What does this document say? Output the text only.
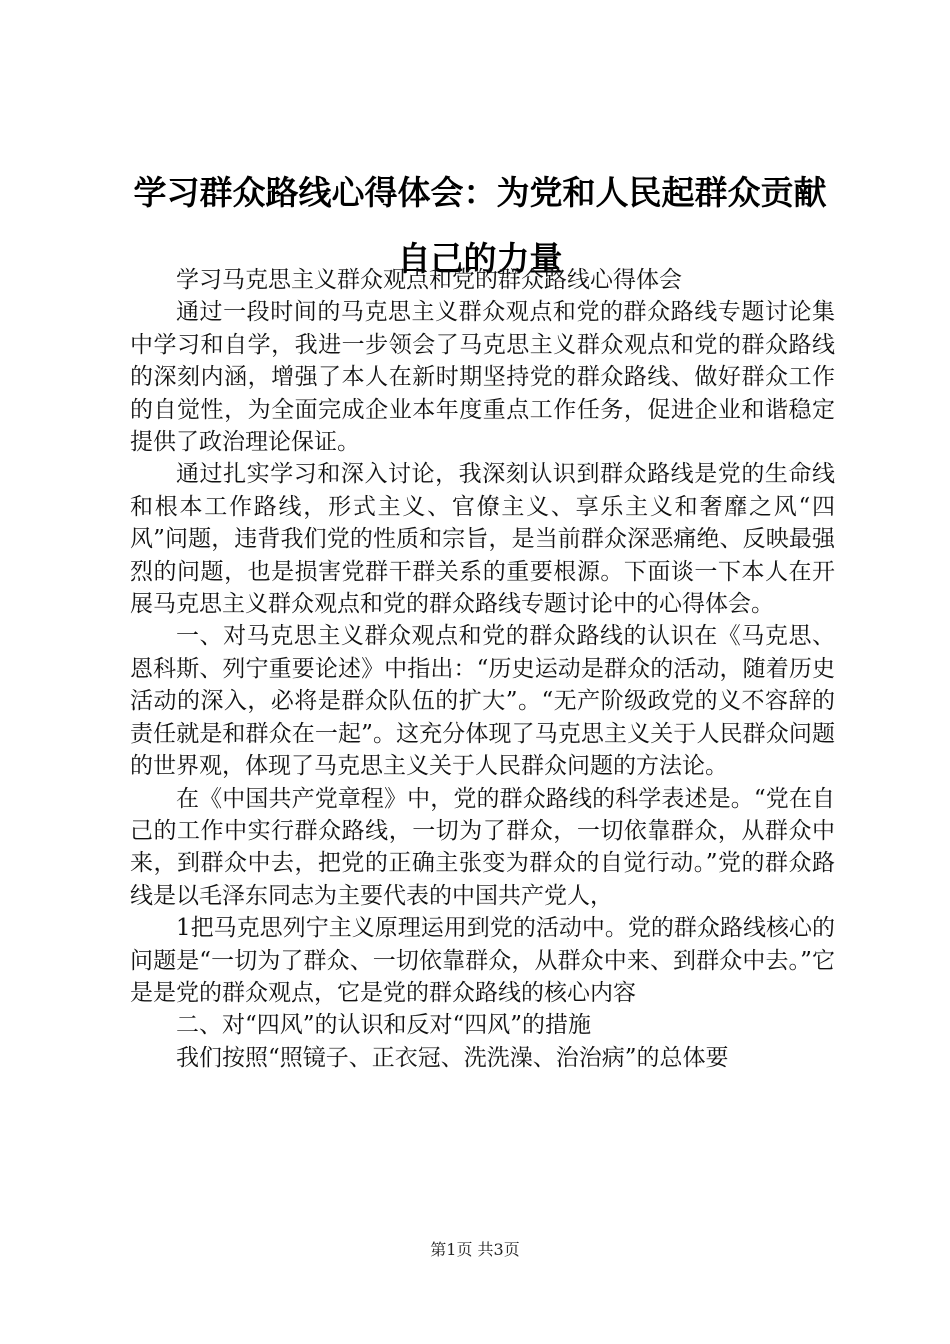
学习群众路线心得体会：为党和人民起群众贡献自己的力量

学习马克思主义群众观点和党的群众路线心得体会

通过一段时间的马克思主义群众观点和党的群众路线专题讨论集中学习和自学，我进一步领会了马克思主义群众观点和党的群众路线的深刻内涵，增强了本人在新时期坚持党的群众路线、做好群众工作的自觉性，为全面完成企业本年度重点工作任务，促进企业和谐稳定提供了政治理论保证。

通过扎实学习和深入讨论，我深刻认识到群众路线是党的生命线和根本工作路线，形式主义、官僚主义、享乐主义和奢靡之风“四风”问题，违背我们党的性质和宗旨，是当前群众深恶痛绝、反映最强烈的问题，也是损害党群干群关系的重要根源。下面谈一下本人在开展马克思主义群众观点和党的群众路线专题讨论中的心得体会。

一、对马克思主义群众观点和党的群众路线的认识在《马克思、恩科斯、列宁重要论述》中指出：“历史运动是群众的活动，随着历史活动的深入，必将是群众队伍的扩大”。“无产阶级政党的义不容辞的责任就是和群众在一起”。这充分体现了马克思主义关于人民群众问题的世界观，体现了马克思主义关于人民群众问题的方法论。

在《中国共产党章程》中，党的群众路线的科学表述是。“党在自己的工作中实行群众路线，一切为了群众，一切依靠群众，从群众中来，到群众中去，把党的正确主张变为群众的自觉行动。”党的群众路线是以毛泽东同志为主要代表的中国共产党人，

1把马克思列宁主义原理运用到党的活动中。党的群众路线核心的问题是“一切为了群众、一切依靠群众，从群众中来、到群众中去。”它是是党的群众观点，它是党的群众路线的核心内容

二、对“四风”的认识和反对“四风”的措施

我们按照“照镜子、正衣冠、洗洗澡、治治病”的总体要

第1页 共3页
